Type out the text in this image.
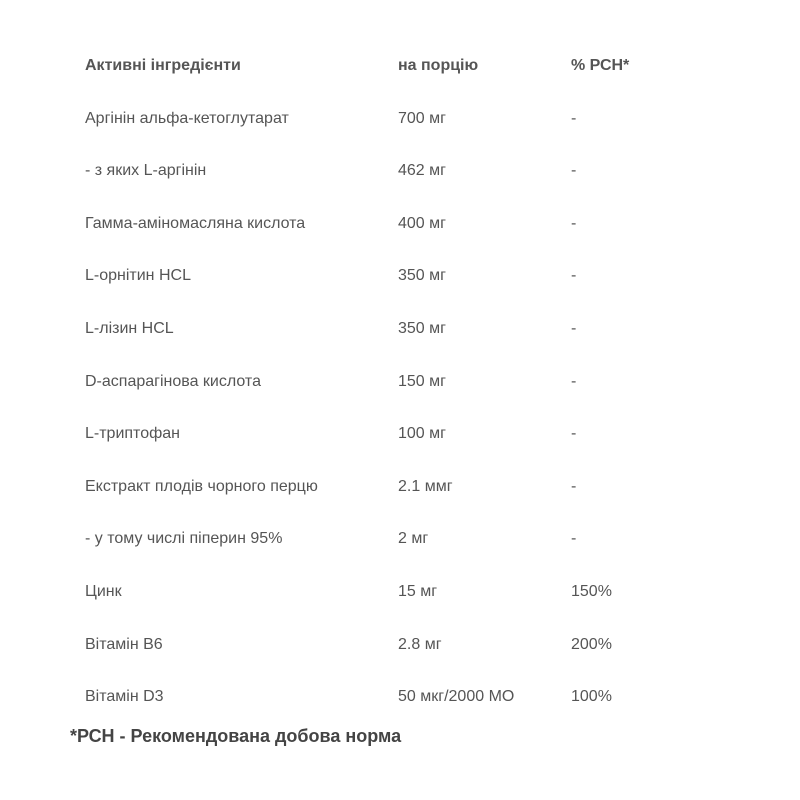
Активні інгредієнти	на порцію	% РСН*
Аргінін альфа-кетоглутарат	700 мг	-
- з яких L-аргінін	462 мг	-
Гамма-аміномасляна кислота	400 мг	-
L-орнітин HCL	350 мг	-
L-лізин HCL	350 мг	-
D-аспарагінова кислота	150 мг	-
L-триптофан	100 мг	-
Екстракт плодів чорного перцю	2.1 ммг	-
- у тому числі піперин 95%	2 мг	-
Цинк	15 мг	150%
Вітамін B6	2.8 мг	200%
Вітамін D3	50 мкг/2000 МО	100%
*РСН - Рекомендована добова норма
